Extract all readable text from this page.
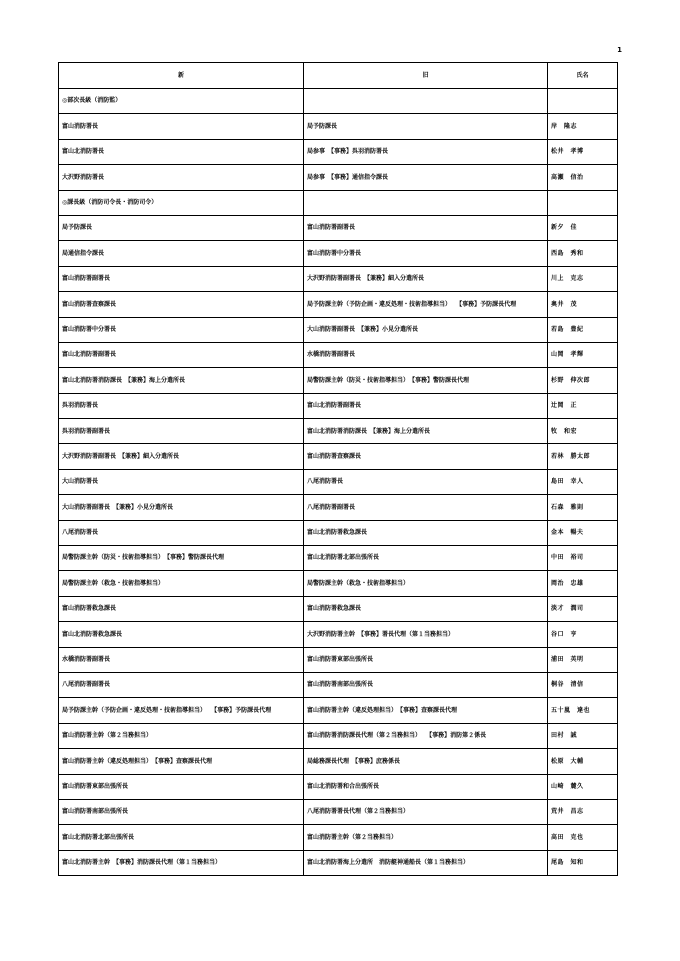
1
新	旧	氏名
◎部次長級（消防監）		
富山消防署長	局予防課長	岸　隆志
富山北消防署長	局参事　【事務】呉羽消防署長	松井　孝博
大沢野消防署長	局参事　【事務】通信指令課長	高瀬　信治
◎課長級（消防司令長・消防司令）		
局予防課長	富山消防署副署長	新夕　佳
局通信指令課長	富山消防署中分署長	西島　秀和
富山消防署副署長	大沢野消防署副署長　【兼務】細入分遣所長	川上　克志
富山消防署査察課長	局予防課主幹（予防企画・違反処理・技術指導担当） 　【事務】予防課長代理	奥井　茂
富山消防署中分署長	大山消防署副署長　【兼務】小見分遣所長	若島　豊紀
富山北消防署副署長	水橋消防署副署長	山岡　孝輝
富山北消防署消防課長　【兼務】海上分遣所長	局警防課主幹（防災・技術指導担当）　【事務】警防課長代理	杉野　伸次郎
呉羽消防署長	富山北消防署副署長	辻岡　正
呉羽消防署副署長	富山北消防署消防課長　【兼務】海上分遣所長	牧　和宏
大沢野消防署副署長　【兼務】細入分遣所長	富山消防署査察課長	若林　勝太郎
大山消防署長	八尾消防署長	島田　幸人
大山消防署副署長　【兼務】小見分遣所長	八尾消防署副署長	石森　雅則
八尾消防署長	富山北消防署救急課長	金本　暢夫
局警防課主幹（防災・技術指導担当）　【事務】警防課長代理	富山北消防署北部出張所長	中田　裕司
局警防課主幹（救急・技術指導担当）	局警防課主幹（救急・技術指導担当）	岡治　忠雄
富山消防署救急課長	富山消防署救急課長	淡才　潤司
富山北消防署救急課長	大沢野消防署主幹　【事務】署長代理（第１当務担当）	谷口　亨
水橋消防署副署長	富山消防署東部出張所長	浦田　英明
八尾消防署副署長	富山消防署南部出張所長	桐谷　清信
局予防課主幹（予防企画・違反処理・技術指導担当） 　【事務】予防課長代理	富山消防署主幹（違反処理担当）　【事務】査察課長代理	五十嵐　達也
富山消防署主幹（第２当務担当）	富山消防署消防課長代理（第２当務担当） 　【事務】消防第２係長	田村　誠
富山消防署主幹（違反処理担当）　【事務】査察課長代理	局総務課長代理　【事務】庶務係長	松原　大輔
富山消防署東部出張所長	富山北消防署和合出張所長	山崎　麓久
富山消防署南部出張所長	八尾消防署署長代理（第２当務担当）	荒井　昌志
富山北消防署北部出張所長	富山消防署主幹（第２当務担当）	高田　克也
富山北消防署主幹　【事務】消防課長代理（第１当務担当）	富山北消防署海上分遣所　消防艇神通船長（第１当務担当）	尾島　知和
